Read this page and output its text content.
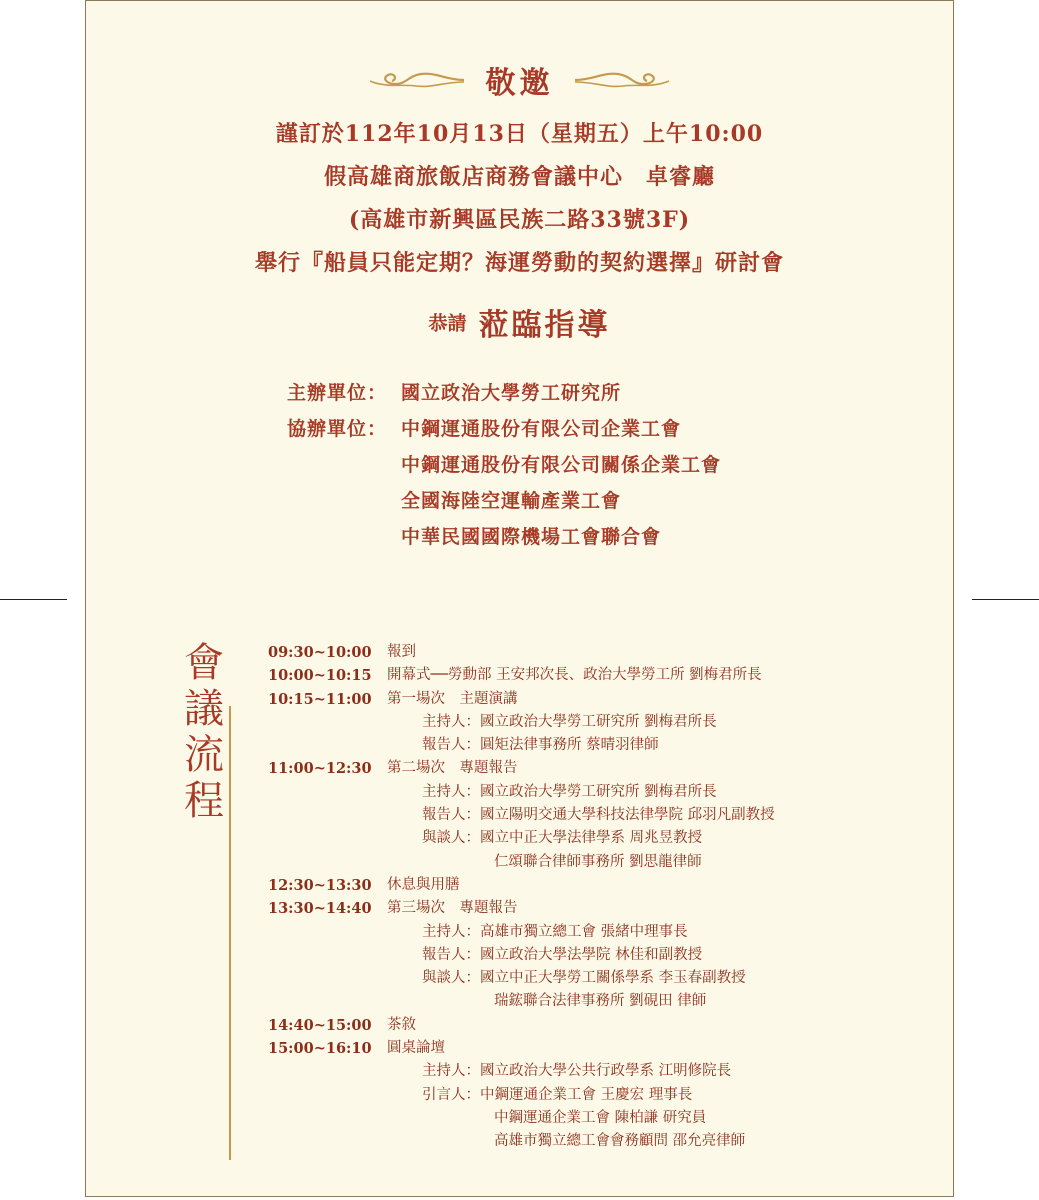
敬邀
謹訂於112年10月13日（星期五）上午10:00
假高雄商旅飯店商務會議中心　卓睿廳
(高雄市新興區民族二路33號3F)
舉行『船員只能定期？海運勞動的契約選擇』研討會
恭請 蒞臨指導
主辦單位： 國立政治大學勞工研究所
協辦單位： 中鋼運通股份有限公司企業工會
中鋼運通股份有限公司關係企業工會
全國海陸空運輸產業工會
中華民國國際機場工會聯合會
會
議
流
程
09:30~10:00 報到
10:00~10:15 開幕式──勞動部 王安邦次長、政治大學勞工所 劉梅君所長
10:15~11:00 第一場次　主題演講
主持人：國立政治大學勞工研究所 劉梅君所長
報告人：圓矩法律事務所 蔡晴羽律師
11:00~12:30 第二場次　專題報告
主持人：國立政治大學勞工研究所 劉梅君所長
報告人：國立陽明交通大學科技法律學院 邱羽凡副教授
與談人：國立中正大學法律學系 周兆昱教授
仁頌聯合律師事務所 劉思龍律師
12:30~13:30 休息與用膳
13:30~14:40 第三場次　專題報告
主持人：高雄市獨立總工會 張緒中理事長
報告人：國立政治大學法學院 林佳和副教授
與談人：國立中正大學勞工關係學系 李玉春副教授
瑞鋐聯合法律事務所 劉硯田 律師
14:40~15:00 茶敘
15:00~16:10 圓桌論壇
主持人：國立政治大學公共行政學系 江明修院長
引言人：中鋼運通企業工會 王慶宏 理事長
中鋼運通企業工會 陳柏謙 研究員
高雄市獨立總工會會務顧問 邵允亮律師
